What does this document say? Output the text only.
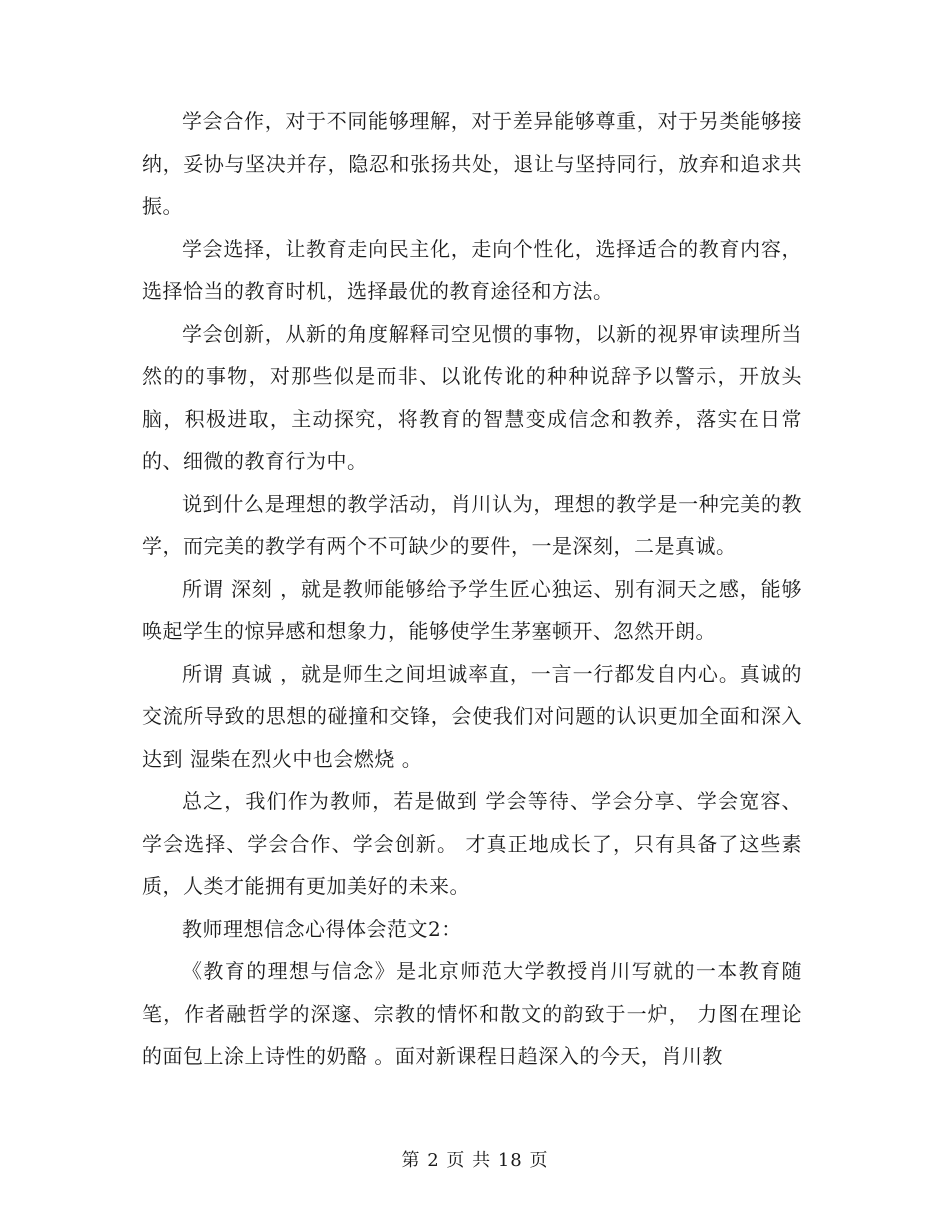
学会合作，对于不同能够理解，对于差异能够尊重，对于另类能够接纳，妥协与坚决并存，隐忍和张扬共处，退让与坚持同行，放弃和追求共振。

学会选择，让教育走向民主化，走向个性化，选择适合的教育内容，选择恰当的教育时机，选择最优的教育途径和方法。

学会创新，从新的角度解释司空见惯的事物，以新的视界审读理所当然的的事物，对那些似是而非、以讹传讹的种种说辞予以警示，开放头脑，积极进取，主动探究，将教育的智慧变成信念和教养，落实在日常的、细微的教育行为中。

说到什么是理想的教学活动，肖川认为，理想的教学是一种完美的教学，而完美的教学有两个不可缺少的要件，一是深刻，二是真诚。

所谓 深刻 ，就是教师能够给予学生匠心独运、别有洞天之感，能够唤起学生的惊异感和想象力，能够使学生茅塞顿开、忽然开朗。

所谓 真诚 ，就是师生之间坦诚率直，一言一行都发自内心。真诚的交流所导致的思想的碰撞和交锋，会使我们对问题的认识更加全面和深入达到 湿柴在烈火中也会燃烧 。

总之，我们作为教师，若是做到 学会等待、学会分享、学会宽容、学会选择、学会合作、学会创新。 才真正地成长了，只有具备了这些素质，人类才能拥有更加美好的未来。

教师理想信念心得体会范文2：

《教育的理想与信念》是北京师范大学教授肖川写就的一本教育随笔，作者融哲学的深邃、宗教的情怀和散文的韵致于一炉， 力图在理论的面包上涂上诗性的奶酪 。面对新课程日趋深入的今天，肖川教

第 2 页 共 18 页
